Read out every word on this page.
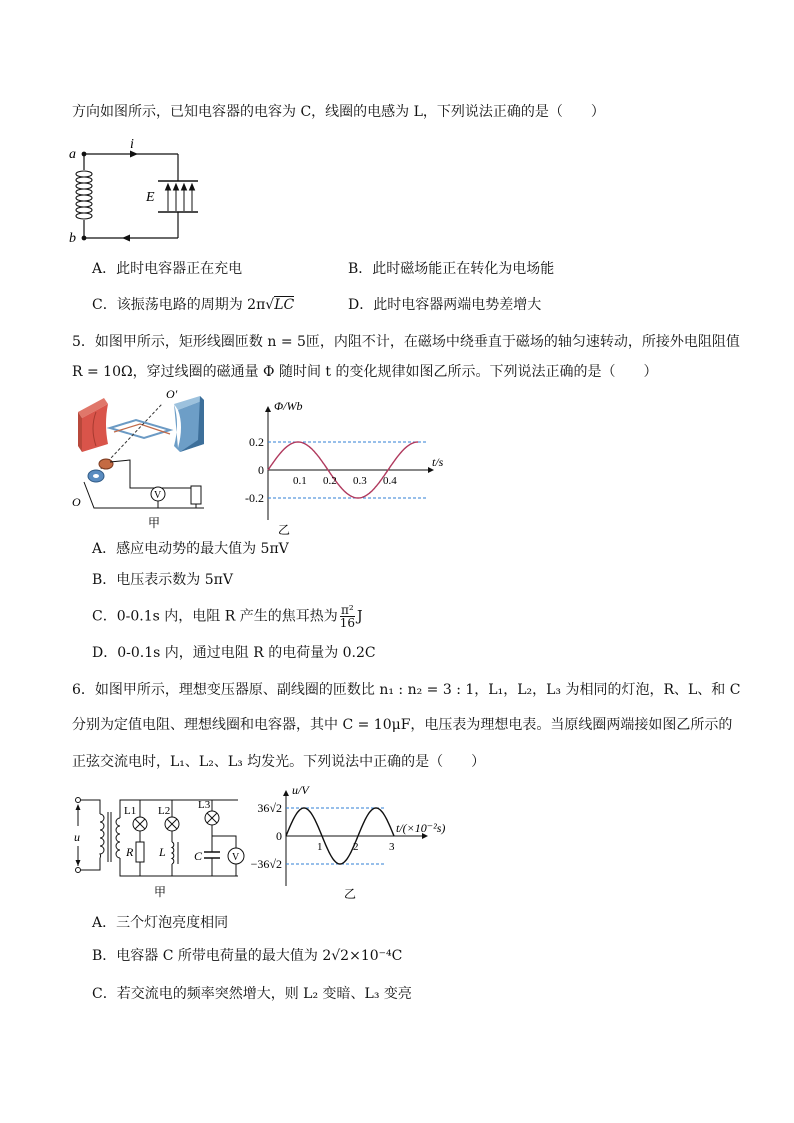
方向如图所示，已知电容器的电容为 C，线圈的电感为 L，下列说法正确的是（　　）
a
b
i
E
A．此时电容器正在充电	B．此时磁场能正在转化为电场能
C．该振荡电路的周期为 2π√LC	D．此时电容器两端电势差增大
5．如图甲所示，矩形线圈匝数 n = 5匝，内阻不计，在磁场中绕垂直于磁场的轴匀速转动，所接外电阻阻值
R = 10Ω，穿过线圈的磁通量 Φ 随时间 t 的变化规律如图乙所示。下列说法正确的是（　　）
V
O′
O
甲
Φ/Wb
t/s
0
0.2
-0.2
0.1 0.2 0.3 0.4
乙
A．感应电动势的最大值为 5πV
B．电压表示数为 5πV
C．0-0.1s 内，电阻 R 产生的焦耳热为 $\frac{\text{π²}}{16}$ J
D．0-0.1s 内，通过电阻 R 的电荷量为 0.2C
6．如图甲所示，理想变压器原、副线圈的匝数比 n₁ : n₂ = 3 : 1，L₁，L₂，L₃ 为相同的灯泡，R、L、和 C
分别为定值电阻、理想线圈和电容器，其中 C = 10μF，电压表为理想电表。当原线圈两端接如图乙所示的
正弦交流电时，L₁、L₂、L₃ 均发光。下列说法中正确的是（　　）
u
L1
R
L2
L	V
L3
C
甲
u/V
t/(×10⁻²s)
0
36√2
−36√2
1	2	3
乙
A．三个灯泡亮度相同
B．电容器 C 所带电荷量的最大值为 2√2×10⁻⁴C
C．若交流电的频率突然增大，则 L₂ 变暗、L₃ 变亮
